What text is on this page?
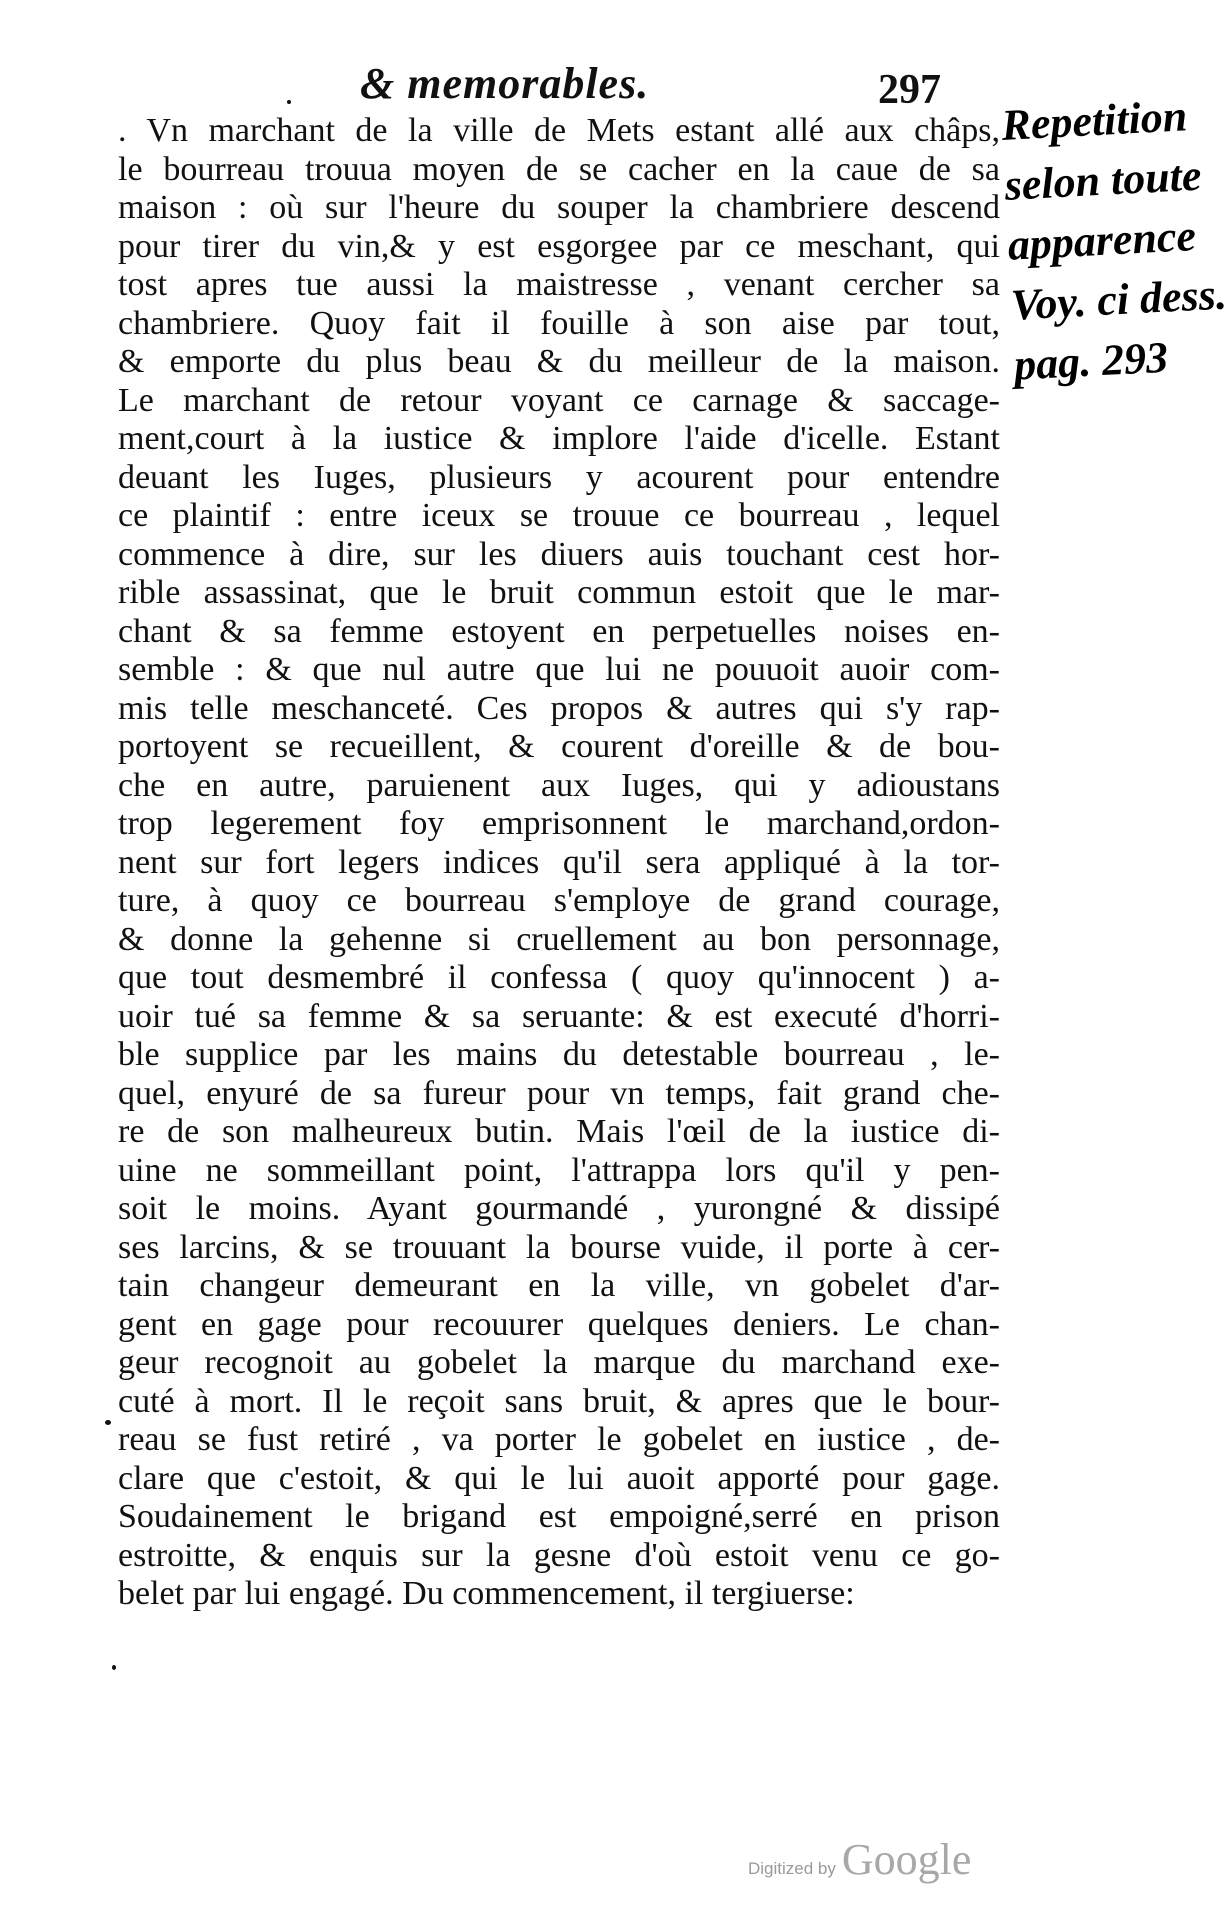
& memorables.	297
. Vn marchant de la ville de Mets estant allé aux châps,
le bourreau trouua moyen de se cacher en la caue de sa
maison : où sur l'heure du souper la chambriere descend
pour tirer du vin,& y est esgorgee par ce meschant, qui
tost apres tue aussi la maistresse , venant cercher sa
chambriere. Quoy fait il fouille à son aise par tout,
& emporte du plus beau & du meilleur de la maison.
Le marchant de retour voyant ce carnage & saccage-
ment,court à la iustice & implore l'aide d'icelle. Estant
deuant les Iuges, plusieurs y acourent pour entendre
ce plaintif : entre iceux se trouue ce bourreau , lequel
commence à dire, sur les diuers auis touchant cest hor-
rible assassinat, que le bruit commun estoit que le mar-
chant & sa femme estoyent en perpetuelles noises en-
semble : & que nul autre que lui ne pouuoit auoir com-
mis telle meschanceté. Ces propos & autres qui s'y rap-
portoyent se recueillent, & courent d'oreille & de bou-
che en autre, paruienent aux Iuges, qui y adioustans
trop legerement foy emprisonnent le marchand,ordon-
nent sur fort legers indices qu'il sera appliqué à la tor-
ture, à quoy ce bourreau s'employe de grand courage,
& donne la gehenne si cruellement au bon personnage,
que tout desmembré il confessa ( quoy qu'innocent ) a-
uoir tué sa femme & sa seruante: & est executé d'horri-
ble supplice par les mains du detestable bourreau , le-
quel, enyuré de sa fureur pour vn temps, fait grand che-
re de son malheureux butin. Mais l'œil de la iustice di-
uine ne sommeillant point, l'attrappa lors qu'il y pen-
soit le moins. Ayant gourmandé , yurongné & dissipé
ses larcins, & se trouuant la bourse vuide, il porte à cer-
tain changeur demeurant en la ville, vn gobelet d'ar-
gent en gage pour recouurer quelques deniers. Le chan-
geur recognoit au gobelet la marque du marchand exe-
cuté à mort. Il le reçoit sans bruit, & apres que le bour-
reau se fust retiré , va porter le gobelet en iustice , de-
clare que c'estoit, & qui le lui auoit apporté pour gage.
Soudainement le brigand est empoigné,serré en prison
estroitte, & enquis sur la gesne d'où estoit venu ce go-
belet par lui engagé. Du commencement, il tergiuerse:
Repetition
selon toute
apparence
Voy. ci dess.
pag. 293
Digitized by Google
